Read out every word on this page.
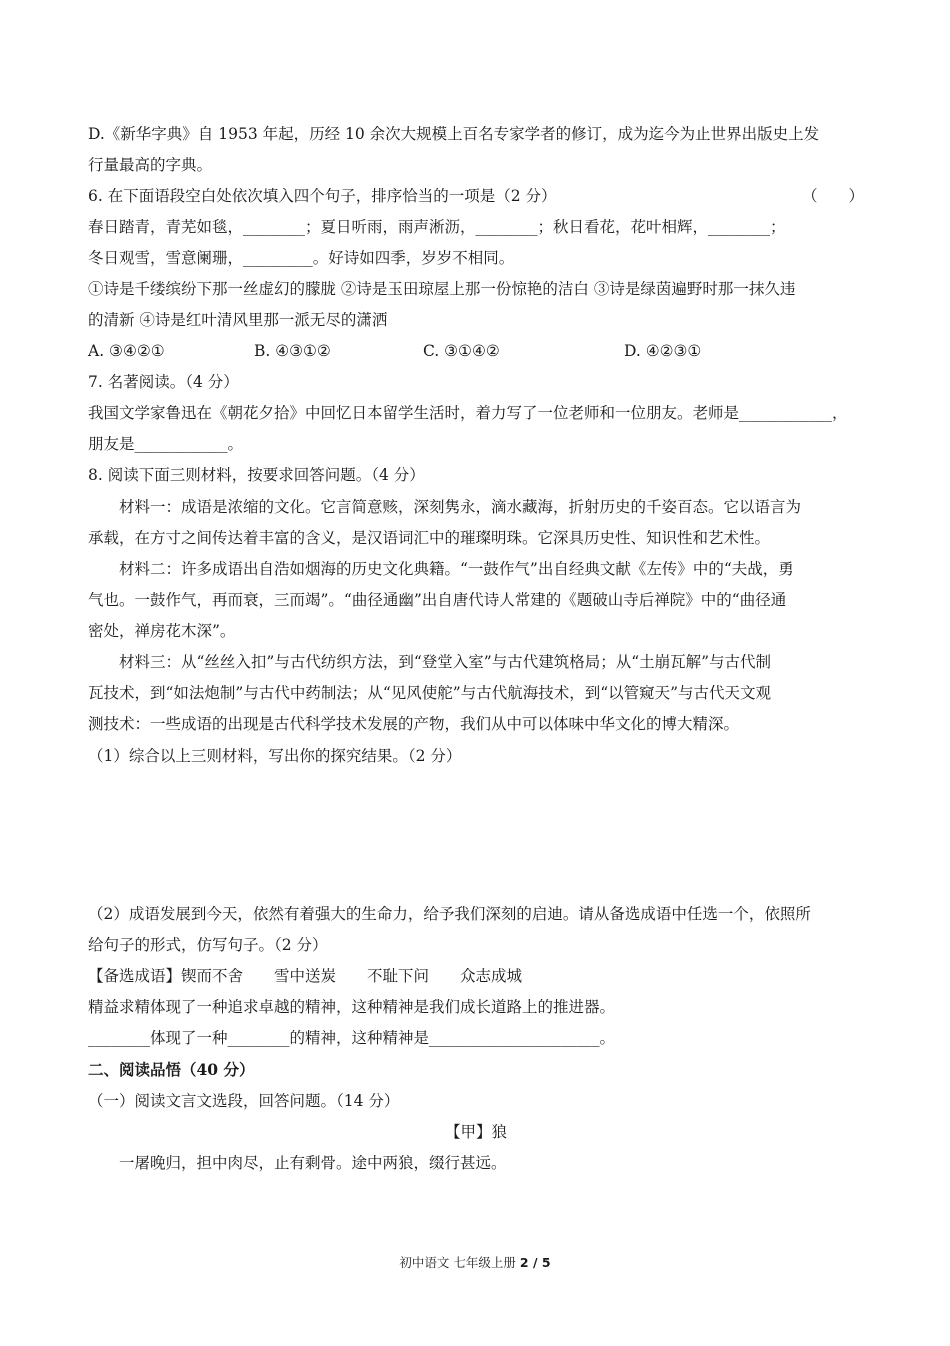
D.《新华字典》自 1953 年起，历经 10 余次大规模上百名专家学者的修订，成为迄今为止世界出版史上发
行量最高的字典。
6. 在下面语段空白处依次填入四个句子，排序恰当的一项是（2 分）	（　　）
春日踏青，青芜如毯，________；夏日听雨，雨声淅沥，________；秋日看花，花叶相辉，________；
冬日观雪，雪意阑珊，_________。好诗如四季，岁岁不相同。
①诗是千缕缤纷下那一丝虚幻的朦胧 ②诗是玉田琼屋上那一份惊艳的洁白 ③诗是绿茵遍野时那一抹久违
的清新 ④诗是红叶清风里那一派无尽的潇洒
A. ③④②①	B. ④③①②	C. ③①④②	D. ④②③①
7. 名著阅读。（4 分）
我国文学家鲁迅在《朝花夕拾》中回忆日本留学生活时，着力写了一位老师和一位朋友。老师是____________，
朋友是____________。
8. 阅读下面三则材料，按要求回答问题。（4 分）
材料一：成语是浓缩的文化。它言简意赅，深刻隽永，滴水藏海，折射历史的千姿百态。它以语言为
承载，在方寸之间传达着丰富的含义，是汉语词汇中的璀璨明珠。它深具历史性、知识性和艺术性。
材料二：许多成语出自浩如烟海的历史文化典籍。“一鼓作气”出自经典文献《左传》中的“夫战，勇
气也。一鼓作气，再而衰，三而竭”。“曲径通幽”出自唐代诗人常建的《题破山寺后禅院》中的“曲径通
密处，禅房花木深”。
材料三：从“丝丝入扣”与古代纺织方法，到“登堂入室”与古代建筑格局；从“土崩瓦解”与古代制
瓦技术，到“如法炮制”与古代中药制法；从“见风使舵”与古代航海技术，到“以管窥天”与古代天文观
测技术：一些成语的出现是古代科学技术发展的产物，我们从中可以体味中华文化的博大精深。
（1）综合以上三则材料，写出你的探究结果。（2 分）
（2）成语发展到今天，依然有着强大的生命力，给予我们深刻的启迪。请从备选成语中任选一个，依照所
给句子的形式，仿写句子。（2 分）
【备选成语】锲而不舍　　雪中送炭　　不耻下问　　众志成城
精益求精体现了一种追求卓越的精神，这种精神是我们成长道路上的推进器。
________体现了一种________的精神，这种精神是______________________。
二、阅读品悟（40 分）
（一）阅读文言文选段，回答问题。（14 分）
【甲】狼
一屠晚归，担中肉尽，止有剩骨。途中两狼，缀行甚远。
初中语文 七年级上册 2 / 5
